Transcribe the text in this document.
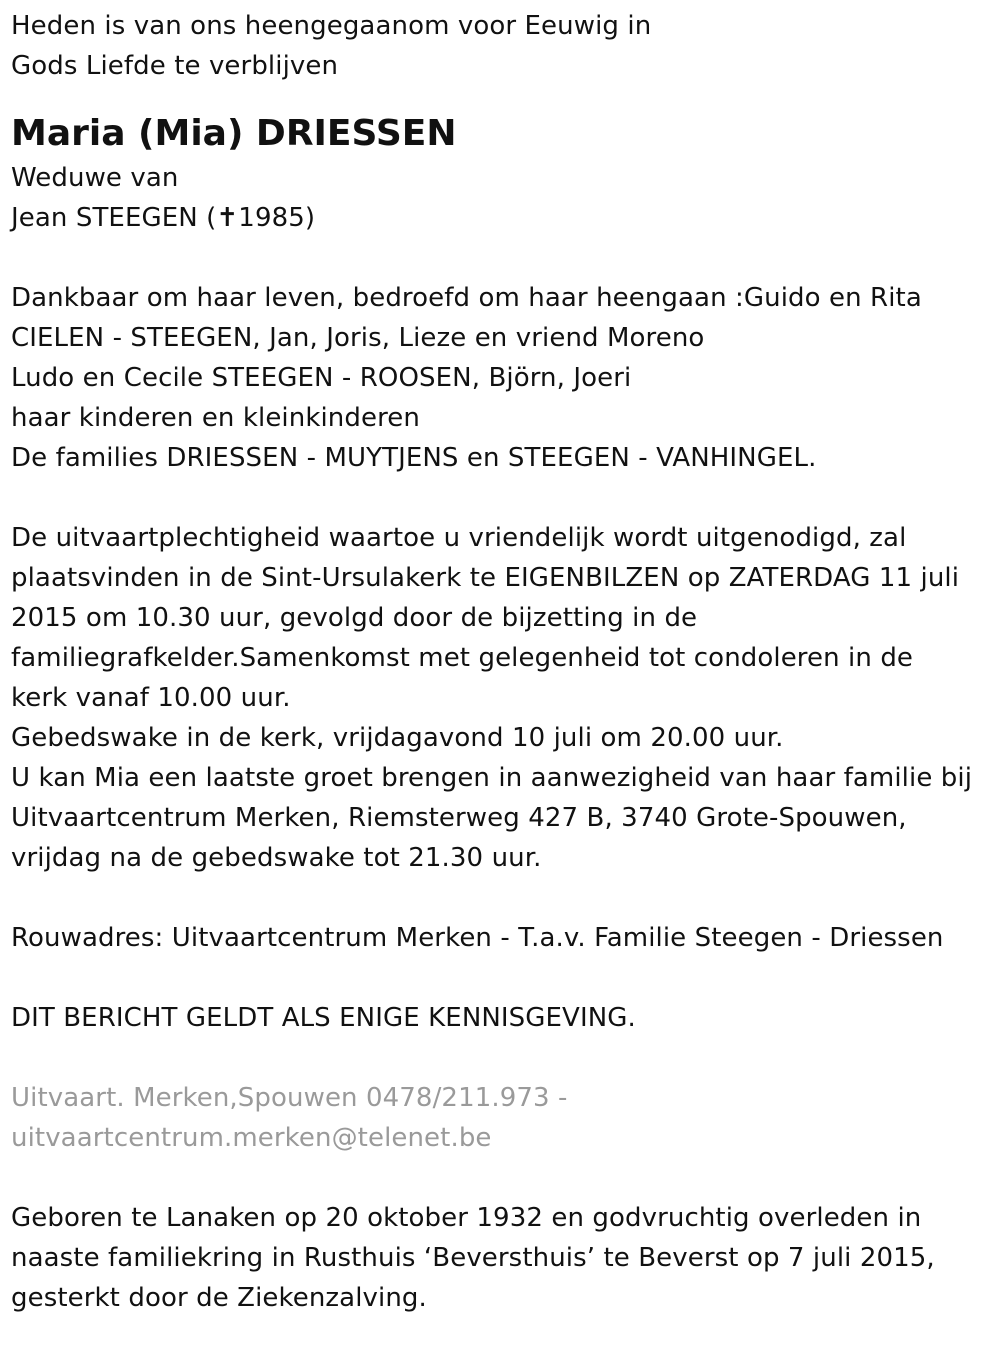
Heden is van ons heengegaanom voor Eeuwig in
Gods Liefde te verblijven
Maria (Mia) DRIESSEN
Weduwe van
Jean STEEGEN (✝1985)
Dankbaar om haar leven, bedroefd om haar heengaan :Guido en Rita
CIELEN - STEEGEN, Jan, Joris, Lieze en vriend Moreno
Ludo en Cecile STEEGEN - ROOSEN, Björn, Joeri
haar kinderen en kleinkinderen
De families DRIESSEN - MUYTJENS en STEEGEN - VANHINGEL.
De uitvaartplechtigheid waartoe u vriendelijk wordt uitgenodigd, zal
plaatsvinden in de Sint-Ursulakerk te EIGENBILZEN op ZATERDAG 11 juli
2015 om 10.30 uur, gevolgd door de bijzetting in de
familiegrafkelder.Samenkomst met gelegenheid tot condoleren in de
kerk vanaf 10.00 uur.
Gebedswake in de kerk, vrijdagavond 10 juli om 20.00 uur.
U kan Mia een laatste groet brengen in aanwezigheid van haar familie bij
Uitvaartcentrum Merken, Riemsterweg 427 B, 3740 Grote-Spouwen,
vrijdag na de gebedswake tot 21.30 uur.
Rouwadres: Uitvaartcentrum Merken - T.a.v. Familie Steegen - Driessen
DIT BERICHT GELDT ALS ENIGE KENNISGEVING.
Uitvaart. Merken,Spouwen 0478/211.973 -
uitvaartcentrum.merken@telenet.be
Geboren te Lanaken op 20 oktober 1932 en godvruchtig overleden in
naaste familiekring in Rusthuis ‘Beversthuis’ te Beverst op 7 juli 2015,
gesterkt door de Ziekenzalving.
